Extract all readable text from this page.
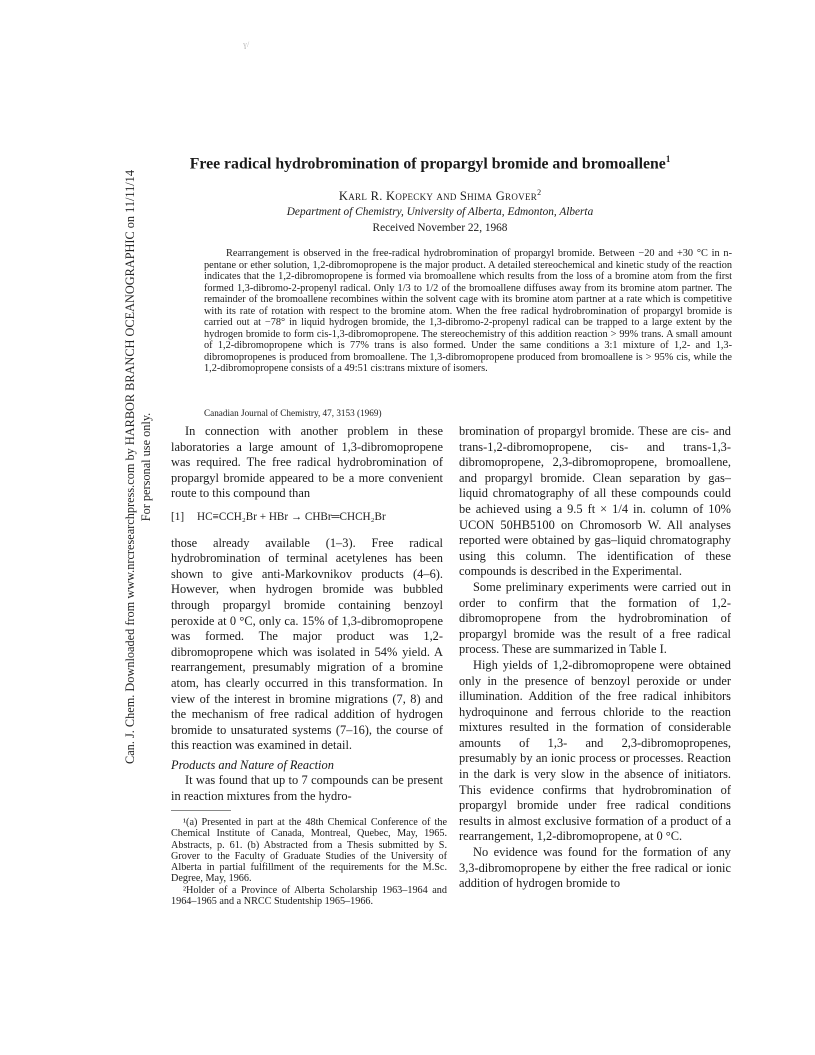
Can. J. Chem. Downloaded from www.nrcresearchpress.com by HARBOR BRANCH OCEANOGRAPHIC on 11/11/14 For personal use only.
ɣ/
Free radical hydrobromination of propargyl bromide and bromoallene$^1$
Karl R. Kopecky and Shima Grover$^2$
Department of Chemistry, University of Alberta, Edmonton, Alberta
Received November 22, 1968

Rearrangement is observed in the free-radical hydrobromination of propargyl bromide. Between −20 and +30 °C in n-pentane or ether solution, 1,2-dibromopropene is the major product. A detailed stereochemical and kinetic study of the reaction indicates that the 1,2-dibromopropene is formed via bromoallene which results from the loss of a bromine atom from the first formed 1,3-dibromo-2-propenyl radical. Only 1/3 to 1/2 of the bromoallene diffuses away from its bromine atom partner. The remainder of the bromoallene recombines within the solvent cage with its bromine atom partner at a rate which is competitive with its rate of rotation with respect to the bromine atom. When the free radical hydrobromination of propargyl bromide is carried out at −78° in liquid hydrogen bromide, the 1,3-dibromo-2-propenyl radical can be trapped to a large extent by the hydrogen bromide to form cis-1,3-dibromopropene. The stereochemistry of this addition reaction > 99% trans. A small amount of 1,2-dibromopropene which is 77% trans is also formed. Under the same conditions a 3:1 mixture of 1,2- and 1,3-dibromopropenes is produced from bromoallene. The 1,3-dibromopropene produced from bromoallene is > 95% cis, while the 1,2-dibromopropene consists of a 49:51 cis:trans mixture of isomers.

Canadian Journal of Chemistry, 47, 3153 (1969)

In connection with another problem in these laboratories a large amount of 1,3-dibromopropene was required. The free radical hydrobromination of propargyl bromide appeared to be a more convenient route to this compound than

[1] HC≡CCH₂Br + HBr → CHBr═CHCH₂Br

those already available (1–3). Free radical hydrobromination of terminal acetylenes has been shown to give anti-Markovnikov products (4–6). However, when hydrogen bromide was bubbled through propargyl bromide containing benzoyl peroxide at 0 °C, only ca. 15% of 1,3-dibromopropene was formed. The major product was 1,2-dibromopropene which was isolated in 54% yield. A rearrangement, presumably migration of a bromine atom, has clearly occurred in this transformation. In view of the interest in bromine migrations (7, 8) and the mechanism of free radical addition of hydrogen bromide to unsaturated systems (7–16), the course of this reaction was examined in detail.

Products and Nature of Reaction

It was found that up to 7 compounds can be present in reaction mixtures from the hydro-

¹(a) Presented in part at the 48th Chemical Conference of the Chemical Institute of Canada, Montreal, Quebec, May, 1965. Abstracts, p. 61. (b) Abstracted from a Thesis submitted by S. Grover to the Faculty of Graduate Studies of the University of Alberta in partial fulfillment of the requirements for the M.Sc. Degree, May, 1966.

²Holder of a Province of Alberta Scholarship 1963–1964 and 1964–1965 and a NRCC Studentship 1965–1966.

bromination of propargyl bromide. These are cis- and trans-1,2-dibromopropene, cis- and trans-1,3-dibromopropene, 2,3-dibromopropene, bromoallene, and propargyl bromide. Clean separation by gas–liquid chromatography of all these compounds could be achieved using a 9.5 ft × 1/4 in. column of 10% UCON 50HB5100 on Chromosorb W. All analyses reported were obtained by gas–liquid chromatography using this column. The identification of these compounds is described in the Experimental.

Some preliminary experiments were carried out in order to confirm that the formation of 1,2-dibromopropene from the hydrobromination of propargyl bromide was the result of a free radical process. These are summarized in Table I.

High yields of 1,2-dibromopropene were obtained only in the presence of benzoyl peroxide or under illumination. Addition of the free radical inhibitors hydroquinone and ferrous chloride to the reaction mixtures resulted in the formation of considerable amounts of 1,3- and 2,3-dibromopropenes, presumably by an ionic process or processes. Reaction in the dark is very slow in the absence of initiators. This evidence confirms that hydrobromination of propargyl bromide under free radical conditions results in almost exclusive formation of a product of a rearrangement, 1,2-dibromopropene, at 0 °C.

No evidence was found for the formation of any 3,3-dibromopropene by either the free radical or ionic addition of hydrogen bromide to
